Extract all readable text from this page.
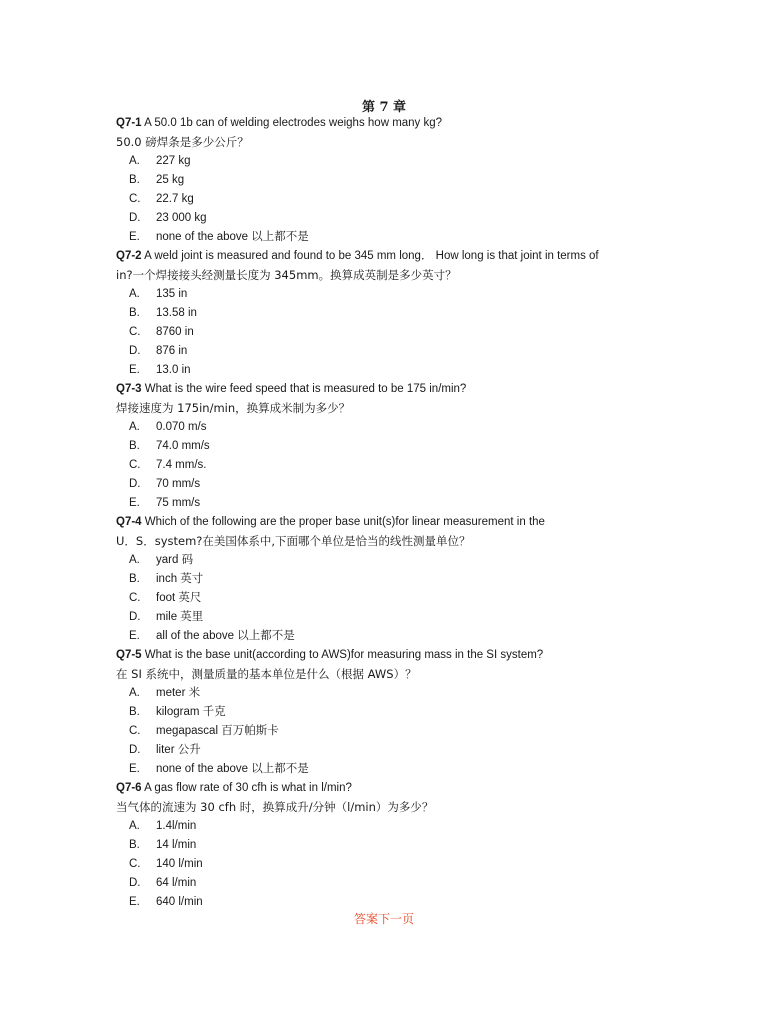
第 7 章
Q7-1 A 50.0 1b can of welding electrodes weighs how many kg?
50.0 磅焊条是多少公斤？
A. 227 kg
B. 25 kg
C. 22.7 kg
D. 23 000 kg
E. none of the above 以上都不是
Q7-2 A weld joint is measured and found to be 345 mm long． How long is that joint in terms of
in?一个焊接接头经测量长度为 345mm。换算成英制是多少英寸？
A. 135 in
B. 13.58 in
C. 8760 in
D. 876 in
E. 13.0 in
Q7-3 What is the wire feed speed that is measured to be 175 in/min?
焊接速度为 175in/min，换算成米制为多少？
A. 0.070 m/s
B. 74.0 mm/s
C. 7.4 mm/s.
D. 70 mm/s
E. 75 mm/s
Q7-4 Which of the following are the proper base unit(s)for linear measurement in the
U．S．system?在美国体系中,下面哪个单位是恰当的线性测量单位？
A. yard 码
B. inch 英寸
C. foot 英尺
D. mile 英里
E. all of the above 以上都不是
Q7-5 What is the base unit(according to AWS)for measuring mass in the SI system?
在 SI 系统中，测量质量的基本单位是什么（根据 AWS）？
A. meter 米
B. kilogram 千克
C. megapascal 百万帕斯卡
D. liter 公升
E. none of the above 以上都不是
Q7-6 A gas flow rate of 30 cfh is what in l/min?
当气体的流速为 30 cfh 时，换算成升/分钟（l/min）为多少？
A. 1.4l/min
B. 14 l/min
C. 140 l/min
D. 64 l/min
E. 640 l/min
答案下一页
